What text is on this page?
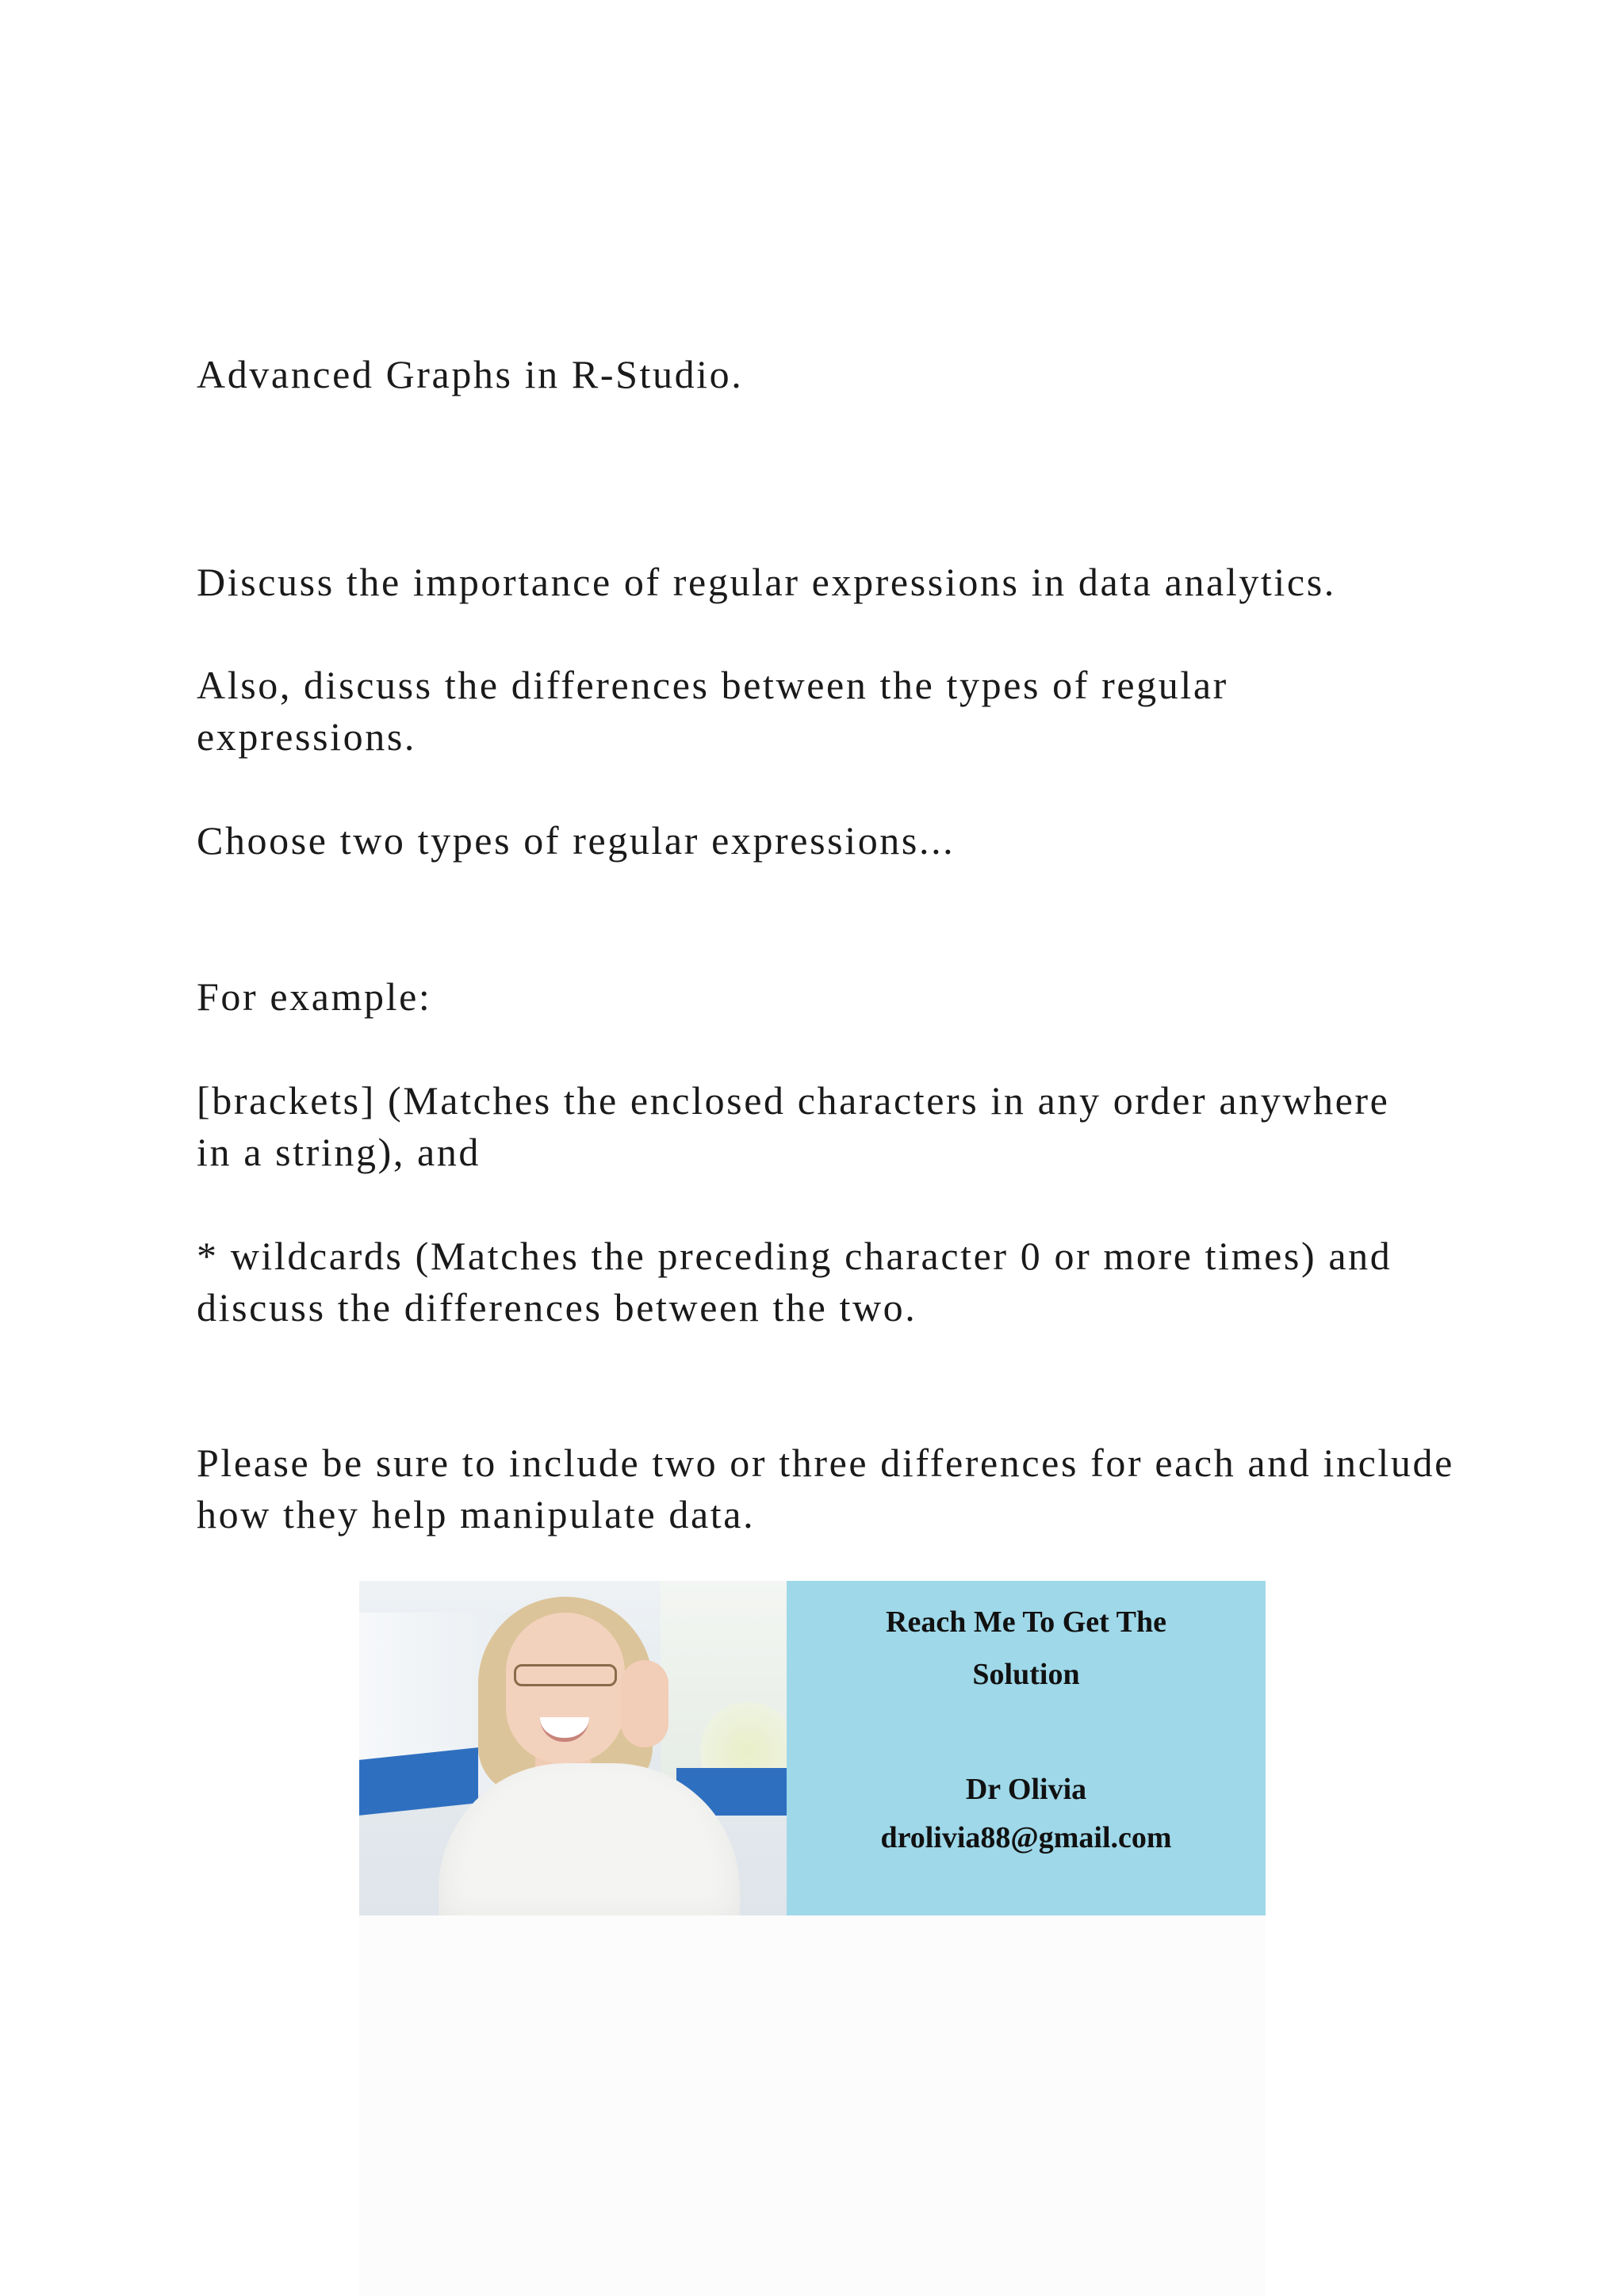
Advanced Graphs in R-Studio.

Discuss the importance of regular expressions in data analytics.

Also, discuss the differences between the types of regular expressions.

Choose two types of regular expressions...

For example:

[brackets] (Matches the enclosed characters in any order anywhere in a string), and

* wildcards (Matches the preceding character 0 or more times) and discuss the differences between the two.

Please be sure to include two or three differences for each and include how they help manipulate data.

Reach Me To Get The
Solution
Dr Olivia
drolivia88@gmail.com
